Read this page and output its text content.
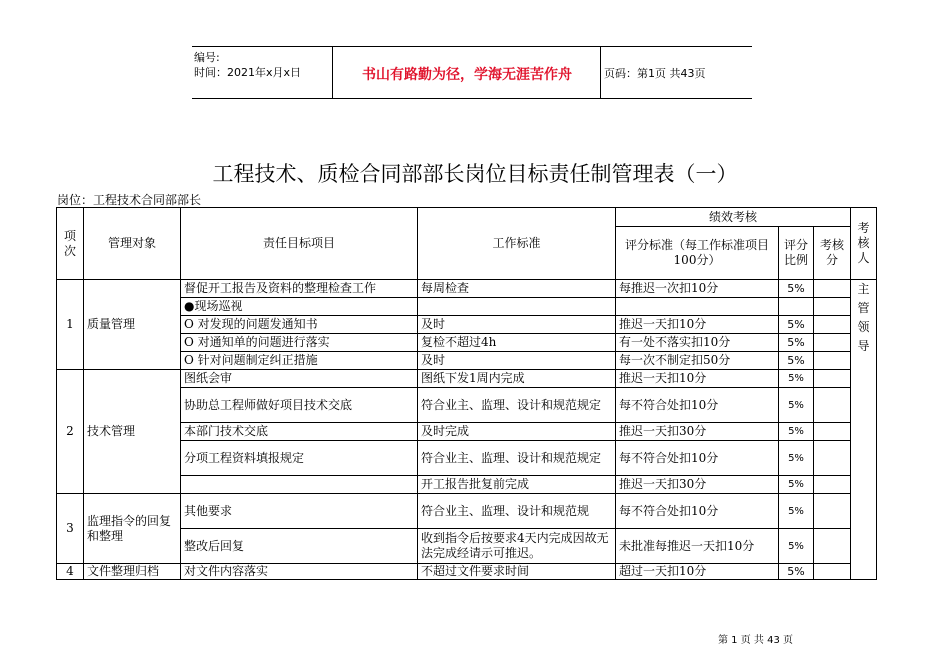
编号:
时间：2021年x月x日	书山有路勤为径，学海无涯苦作舟	页码：第1页 共43页
工程技术、质检合同部部长岗位目标责任制管理表（一）
岗位：工程技术合同部部长
项次	管理对象	责任目标项目	工作标准	绩效考核			考
核
人
				评分标准（每工作标准项目100分）	评分比例	考核分	
1	质量管理	督促开工报告及资料的整理检查工作	每周检查	每推迟一次扣10分	5%		主
管
领
导
		●现场巡视					
		O 对发现的问题发通知书	及时	推迟一天扣10分	5%		
		O 对通知单的问题进行落实	复检不超过4h	有一处不落实扣10分	5%		
		O 针对问题制定纠正措施	及时	每一次不制定扣50分	5%		
2	技术管理	图纸会审	图纸下发1周内完成	推迟一天扣10分	5%		
		协助总工程师做好项目技术交底	符合业主、监理、设计和规范规定	每不符合处扣10分	5%		
		本部门技术交底	及时完成	推迟一天扣30分	5%		
		分项工程资料填报规定	符合业主、监理、设计和规范规定	每不符合处扣10分	5%		
			开工报告批复前完成	推迟一天扣30分	5%		
3	监理指令的回复和整理	其他要求	符合业主、监理、设计和规范规	每不符合处扣10分	5%		
		整改后回复	收到指令后按要求4天内完成因故无法完成经请示可推迟。	未批准每推迟一天扣10分	5%		
4	文件整理归档	对文件内容落实	不超过文件要求时间	超过一天扣10分	5%		
第 1 页 共 43 页
